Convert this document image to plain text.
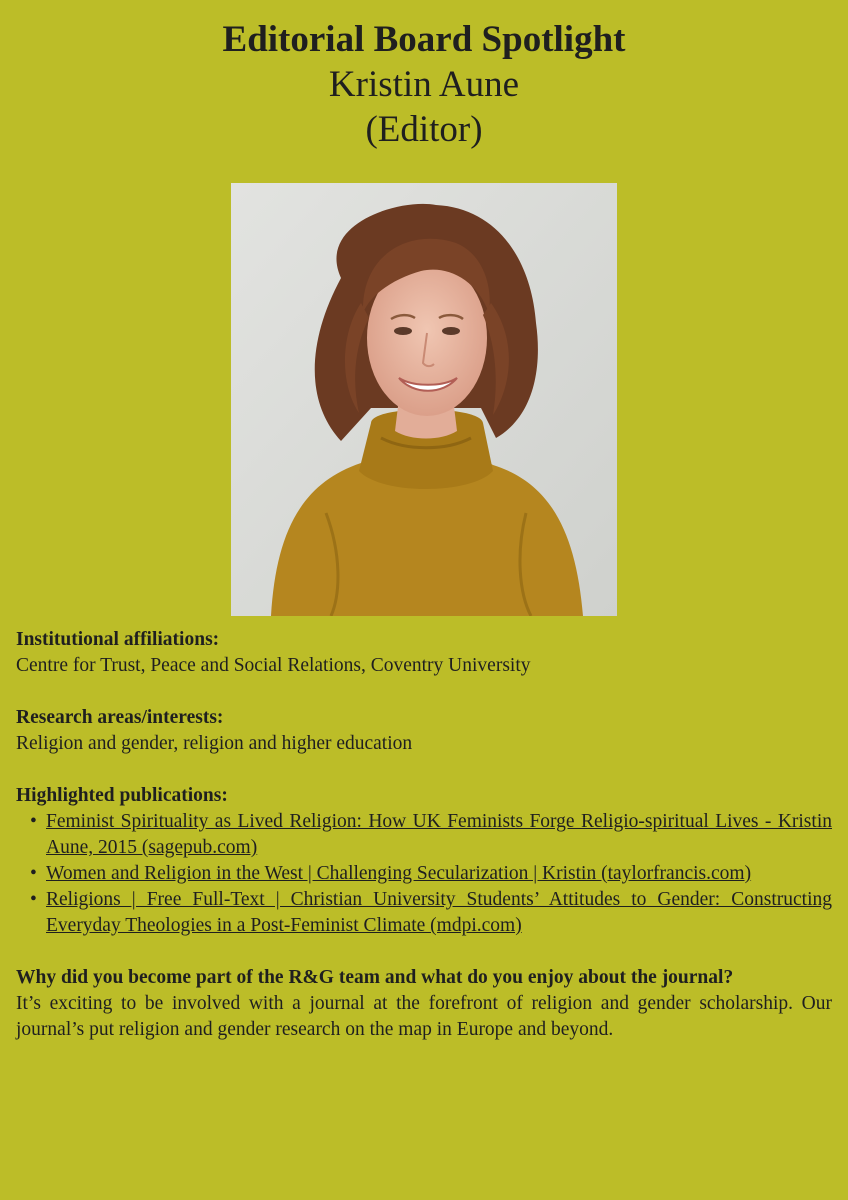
Editorial Board Spotlight

Kristin Aune

(Editor)

Institutional affiliations:

Centre for Trust, Peace and Social Relations, Coventry University

Research areas/interests:

Religion and gender, religion and higher education

Highlighted publications:

• Feminist Spirituality as Lived Religion: How UK Feminists Forge Religio-spiritual Lives - Kristin Aune, 2015 (sagepub.com)
• Women and Religion in the West | Challenging Secularization | Kristin (taylorfrancis.com)
• Religions | Free Full-Text | Christian University Students’ Attitudes to Gender: Constructing Everyday Theologies in a Post-Feminist Climate (mdpi.com)

Why did you become part of the R&G team and what do you enjoy about the journal?

It’s exciting to be involved with a journal at the forefront of religion and gender scholarship. Our journal’s put religion and gender research on the map in Europe and beyond.
